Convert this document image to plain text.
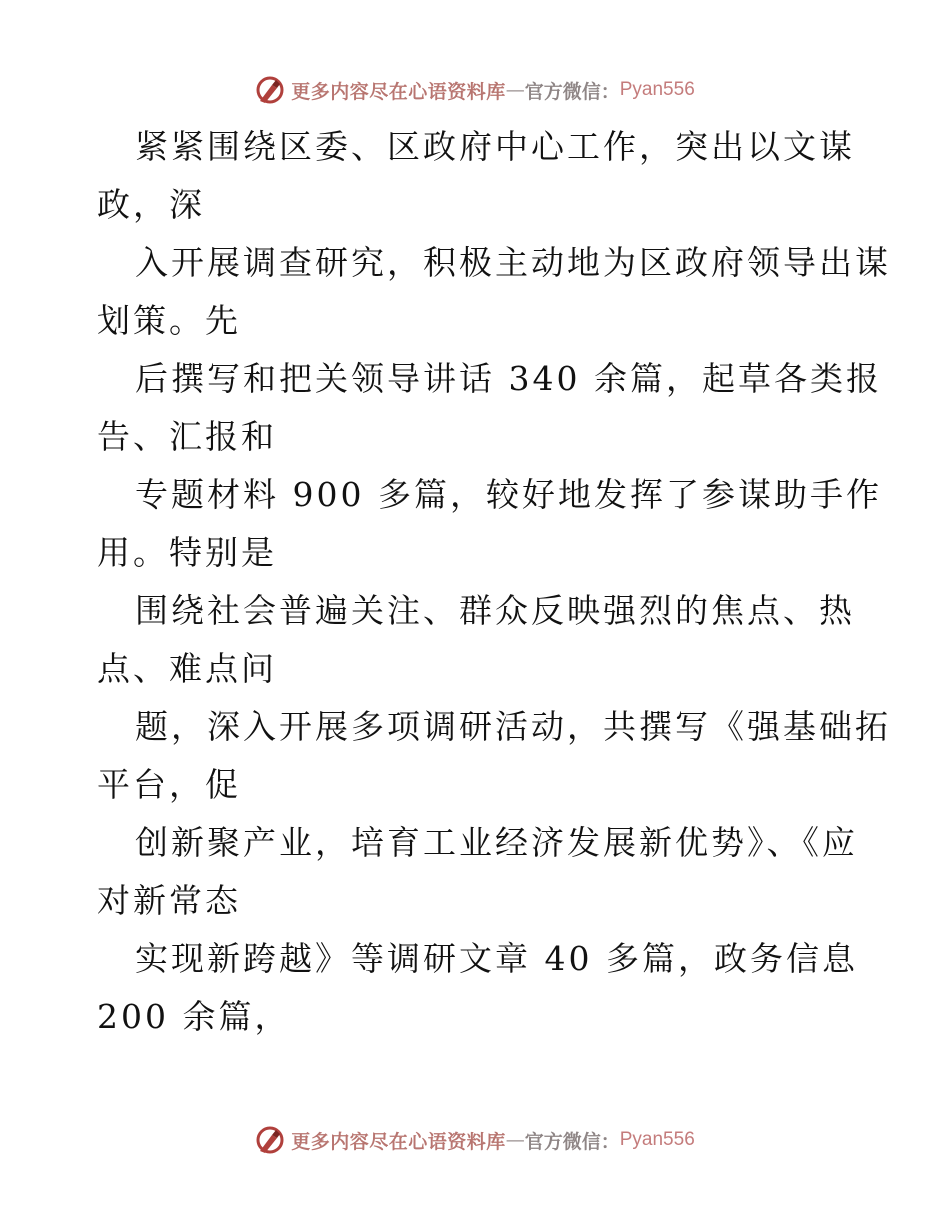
更多内容尽在心语资料库 — 官方微信： Pyan556
紧紧围绕区委、区政府中心工作，突出以文谋
政，深
入开展调查研究，积极主动地为区政府领导出谋
划策。先
后撰写和把关领导讲话 340 余篇，起草各类报
告、汇报和
专题材料 900 多篇，较好地发挥了参谋助手作
用。特别是
围绕社会普遍关注、群众反映强烈的焦点、热
点、难点问
题，深入开展多项调研活动，共撰写《强基础拓
平台，促
创新聚产业，培育工业经济发展新优势》、《应
对新常态
实现新跨越》等调研文章 40 多篇，政务信息
200 余篇，
更多内容尽在心语资料库 — 官方微信： Pyan556
